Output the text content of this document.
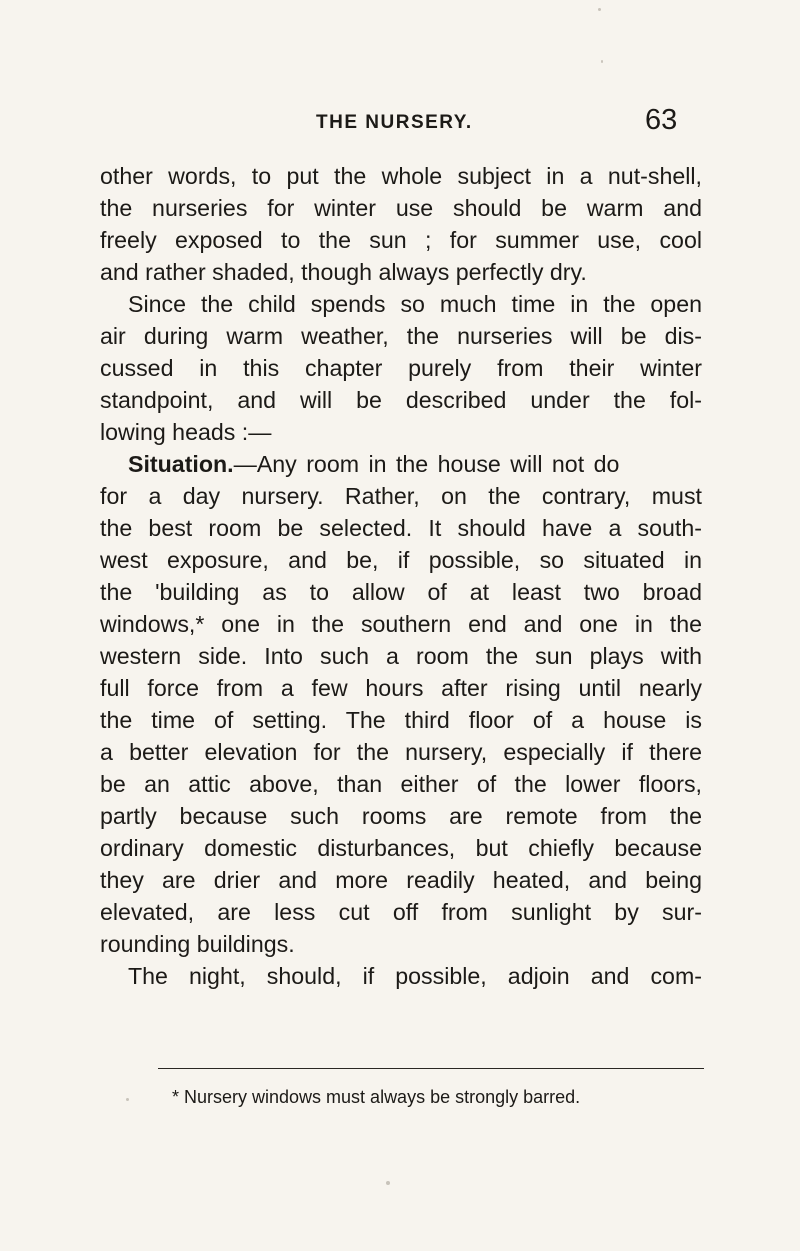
THE NURSERY.	63
other words, to put the whole subject in a nut-shell,
the nurseries for winter use should be warm and
freely exposed to the sun ; for summer use, cool
and rather shaded, though always perfectly dry.
Since the child spends so much time in the open
air during warm weather, the nurseries will be dis-
cussed in this chapter purely from their winter
standpoint, and will be described under the fol-
lowing heads :—
Situation.—Any room in the house will not do
for a day nursery. Rather, on the contrary, must
the best room be selected. It should have a south-
west exposure, and be, if possible, so situated in
the 'building as to allow of at least two broad
windows,* one in the southern end and one in the
western side. Into such a room the sun plays with
full force from a few hours after rising until nearly
the time of setting. The third floor of a house is
a better elevation for the nursery, especially if there
be an attic above, than either of the lower floors,
partly because such rooms are remote from the
ordinary domestic disturbances, but chiefly because
they are drier and more readily heated, and being
elevated, are less cut off from sunlight by sur-
rounding buildings.
The night, should, if possible, adjoin and com-
* Nursery windows must always be strongly barred.
